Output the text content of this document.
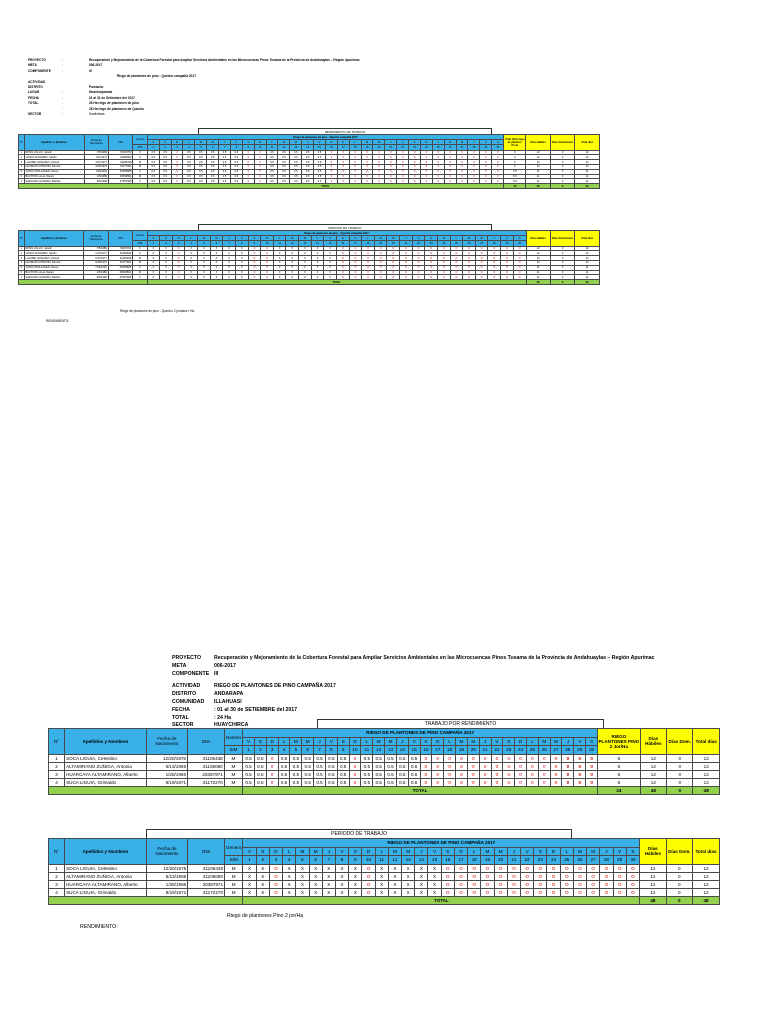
PROYECTO	:	Recuperación y Mejoramiento de la Cobertura Forestal para Ampliar Servicios Ambientales en las Microcuencas Pinos Tusama de la Provincia de Andahuaylas – Región Apurímac
META	:	006-2017
COMPONENTE	:	III
Riego de plantones de pino - Quechu campaña 2017
ACTIVIDAD
DISTRITO	Pomacho
LUGAR	:	Muechaipomba
FECHA	:	01 al 31 de Setiembre del 2017
TOTAL	:	28 Ha riego de plantones de pino
:	28 Ha riego de plantones de Quechu
SECTOR	:	Santisitoas
RENDIMIENTO DE TRABAJO
N°	Apellidos y Nombres	Fecha de Nacimiento	DNI	Genero	Riego de plantones de pino - Quechu campaña 2017																														Total (Pai) riego de plantón / Prom	Días Hábiles	Días dominicales	Total días
					V	S	D	L	M	M	J	V	S	D	L	M	M	J	V	S	D	L	M	M	J	V	S	D	L	M	M	J	V	S				
				F/M	1	2	3	4	5	6	7	8	9	10	11	12	13	14	15	16	17	18	19	20	21	22	23	24	25	26	27	28	29	30				
1	RIVAS LOLLIX, Janeth	7/5/1989	70215763	F	0.5	0.5	0	0.5	0.5	0.5	0.5	0.5	0	0	0.5	0.5	0.5	0.5	0.5	0	0	0	0	0	0	0	0	0	0	0	0	0	0	0	6	12	0	12
2	JUNCO NAVARRO, Sarahi	1/17/1977	31186693	F	0.5	0.5	0	0.5	0.5	0.5	0.5	0.5	0	0	0.5	0.5	0.5	0.5	0.5	0	0	0	0	0	0	0	0	0	0	0	0	0	0	0	6	12	0	12
3	LAGUBE VASQUEZ, Antonia	1/17/1977	31165338	M	0.5	0.5	0	0.5	0.5	0.5	0.5	0.5	0	0	0.5	0.5	0.5	0.5	0.5	0	0	0	0	0	0	0	0	0	0	0	0	0	0	0	6	12	0	12
4	HUAMANI CONDORI, Ramiro	9/15/1970	31177991	M	0.5	0.5	0	0.5	0.5	0.5	0.5	0.5	0	0	0.5	0.5	0.5	0.5	0.5	0	0	0	0	0	0	0	0	0	0	0	0	0	0	0	6	12	0	12
5	JUNCO MOLLOHED, Nancy	7/16/1992	46355865	F	0.5	0.5	0	0.5	0.5	0.5	0.5	0.5	0	0	0.5	0.5	0.5	0.5	0.5	0	0	0	0	0	0	0	0	0	0	0	0	0	0	0	5.5	11	0	11
6	BAUTISTA LLLE, Daniel	1/5/1989	46549591	M	0.5	0.5	0	0.5	0.5	0.5	0.5	0.5	0	0	0.5	0.5	0.5	0.5	0.5	0	0	0	0	0	0	0	0	0	0	0	0	0	0	0	5.5	11	0	11
7	SAEGUSO HUAMAN, Maribel	8/5/1996	47597995	F	0.5	0.5	0	0.5	0.5	0.5	0.5	0.5	0	0	0.5	0.5	0.5	0.5	0.5	0	0	0	0	0	0	0	0	0	0	0	0	0	0	0	5.5	11	0	11
					TOTAL																														40	80	0	80
PERIODO DE TRABAJO
N°	Apellidos y Nombres	Fecha de Nacimiento	DNI	Genero	Riego de plantones de pino - Quechu campaña 2017																														Días Hábiles	Días dominicales	Total días
					V	S	D	L	M	M	J	V	S	D	L	M	M	J	V	S	D	L	M	M	J	V	S	D	L	M	M	J	V	S			
				F/M	1	2	3	4	5	6	7	8	9	10	11	12	13	14	15	16	17	18	19	20	21	22	23	24	25	26	27	28	29	30			
1	RIVAS LOLLIX, Janeth	7/5/1989	70215763	F	X	X	O	X	X	X	X	X	O	O	X	X	X	X	X	O	O	O	O	O	O	O	O	O	O	O	O	O	O	O	12	0	12
2	JUNCO NAVARRO, Sarahi	1/17/1977	31186693	F	X	X	O	X	X	X	X	X	O	O	X	X	X	X	X	O	O	O	O	O	O	O	O	O	O	O	O	O	O	O	12	0	12
3	LAGUBE VASQUEZ, Antonia	1/17/1977	31165338	M	X	X	O	X	X	X	X	X	O	O	X	X	X	X	X	O	O	O	O	O	O	O	O	O	O	O	O	O	O	O	12	0	12
4	HUAMANI CONDORI, Ramiro	9/15/1970	31177991	M	X	X	O	X	X	X	X	X	O	O	X	X	X	X	X	O	O	O	O	O	O	O	O	O	O	O	O	O	O	O	12	0	12
5	JUNCO MOLLOHED, Nancy	7/16/1992	46355865	F	X	X	O	X	X	X	X	X	O	O	X	X	X	X	X	O	O	O	O	O	O	O	O	O	O	O	O	O	O	O	11	0	11
6	BAUTISTA LLLE, Daniel	1/5/1989	46549591	M	X	X	O	X	X	X	X	X	O	O	X	X	X	X	X	O	O	O	O	O	O	O	O	O	O	O	O	O	O	O	11	0	11
7	SAEGUSO HUAMAN, Maribel	8/5/1996	47597995	F	X	X	O	X	X	X	X	X	O	O	X	X	X	X	X	O	O	O	O	O	O	O	O	O	O	O	O	O	O	O	11	0	11
					TOTAL																														80	0	80
Riego de plantones de pino - Quechu 2 jornales / Ha
RENDIMIENTO:
PROYECTO	Recuperación y Mejoramiento de la Cobertura Forestal para Ampliar Servicios Ambientales en las Microcuencas Pinos Tusama de la Provincia de Andahuaylas – Región Apurímac
META	006-2017
COMPONENTE III
ACTIVIDAD	RIEGO DE PLANTONES DE PINO CAMPAÑA 2017
DISTRITO	ANDARAPA
COMUNIDAD	ILLAHUASI
FECHA	: 01 al 30 de SETIEMBRE del 2017
TOTAL	: 24 Ha
SECTOR	HUAYCHIRCA	TRABAJO POR RENDIMIENTO
N°	Apellidos y Nombres	Fecha de Nacimiento	DNI	Genero	RIEGO DE PLANTONES DE PINO CAMPAÑA 2017																														RIEGO PLANTONES PINO 2 Jor/Ha	Días Hábiles	Días Dom.	Total días
					V	S	D	L	M	M	J	V	S	D	L	M	M	J	V	S	D	L	M	M	J	V	S	D	L	M	M	J	V	S				
				S/M	1	2	3	4	5	6	7	8	9	10	11	12	13	14	15	16	17	18	19	20	21	22	23	24	25	26	27	28	29	30				
1	SOCA LIGUIA, Celestino	12/20/1975	31106438	M	0.5	0.5	0	0.5	0.5	0.5	0.5	0.5	0.5	0	0.5	0.5	0.5	0.5	0.5	0	0	0	0	0	0	0	0	0	0	0	0	0	0	0	6	12	0	12
2	ALTAMIRANO ZUÑIGA, Antonia	6/13/1959	31106080	M	0.5	0.5	0	0.5	0.5	0.5	0.5	0.5	0.5	0	0.5	0.5	0.5	0.5	0.5	0	0	0	0	0	0	0	0	0	0	0	0	0	0	0	6	12	0	12
3	HUARCAYA ALTAMIRANO, Alberto	1/28/1966	20387971	M	0.5	0.5	0	0.5	0.5	0.5	0.5	0.5	0.5	0	0.5	0.5	0.5	0.5	0.5	0	0	0	0	0	0	0	0	0	0	0	0	0	0	0	6	12	0	12
4	SUCA LIGUIA, Grimaldo	9/19/1971	31172270	M	0.5	0.5	0	0.5	0.5	0.5	0.5	0.5	0.5	0	0.5	0.5	0.5	0.5	0.5	0	0	0	0	0	0	0	0	0	0	0	0	0	0	0	6	12	0	12
					TOTAL																														24	48	0	48
PERIODO DE TRABAJO
N°	Apellidos y Nombres	Fecha de Nacimiento	DNI	Genero	RIEGO DE PLANTONES DE PINO CAMPAÑA 2017																														Días Hábiles	Días Dom.	Total días
					V	S	D	L	M	M	J	V	S	D	L	M	M	J	V	S	D	L	M	M	J	V	S	D	L	M	M	J	V	S			
				S/M	1	2	3	4	5	6	7	8	9	10	11	12	13	14	15	16	17	18	19	20	21	22	23	24	25	26	27	28	29	30			
1	SOCA LIGUIA, Celestino	12/20/1975	31106438	M	X	X	O	X	X	X	X	X	X	O	X	X	X	X	X	O	O	O	O	O	O	O	O	O	O	O	O	O	O	O	12	0	12
2	ALTAMIRANO ZUÑIGA, Antonia	6/13/1959	31106080	M	X	X	O	X	X	X	X	X	X	O	X	X	X	X	X	O	O	O	O	O	O	O	O	O	O	O	O	O	O	O	12	0	12
3	HUARCAYA ALTAMIRANO, Alberto	1/28/1966	20387971	M	X	X	O	X	X	X	X	X	X	O	X	X	X	X	X	O	O	O	O	O	O	O	O	O	O	O	O	O	O	O	12	0	12
4	SUCA LIGUIA, Grimaldo	9/19/1971	31172270	M	X	X	O	X	X	X	X	X	X	O	X	X	X	X	X	O	O	O	O	O	O	O	O	O	O	O	O	O	O	O	12	0	12
					TOTAL																														48	0	48
Riego de plantones Pino 2 jor/Ha
RENDIMIENTO:
